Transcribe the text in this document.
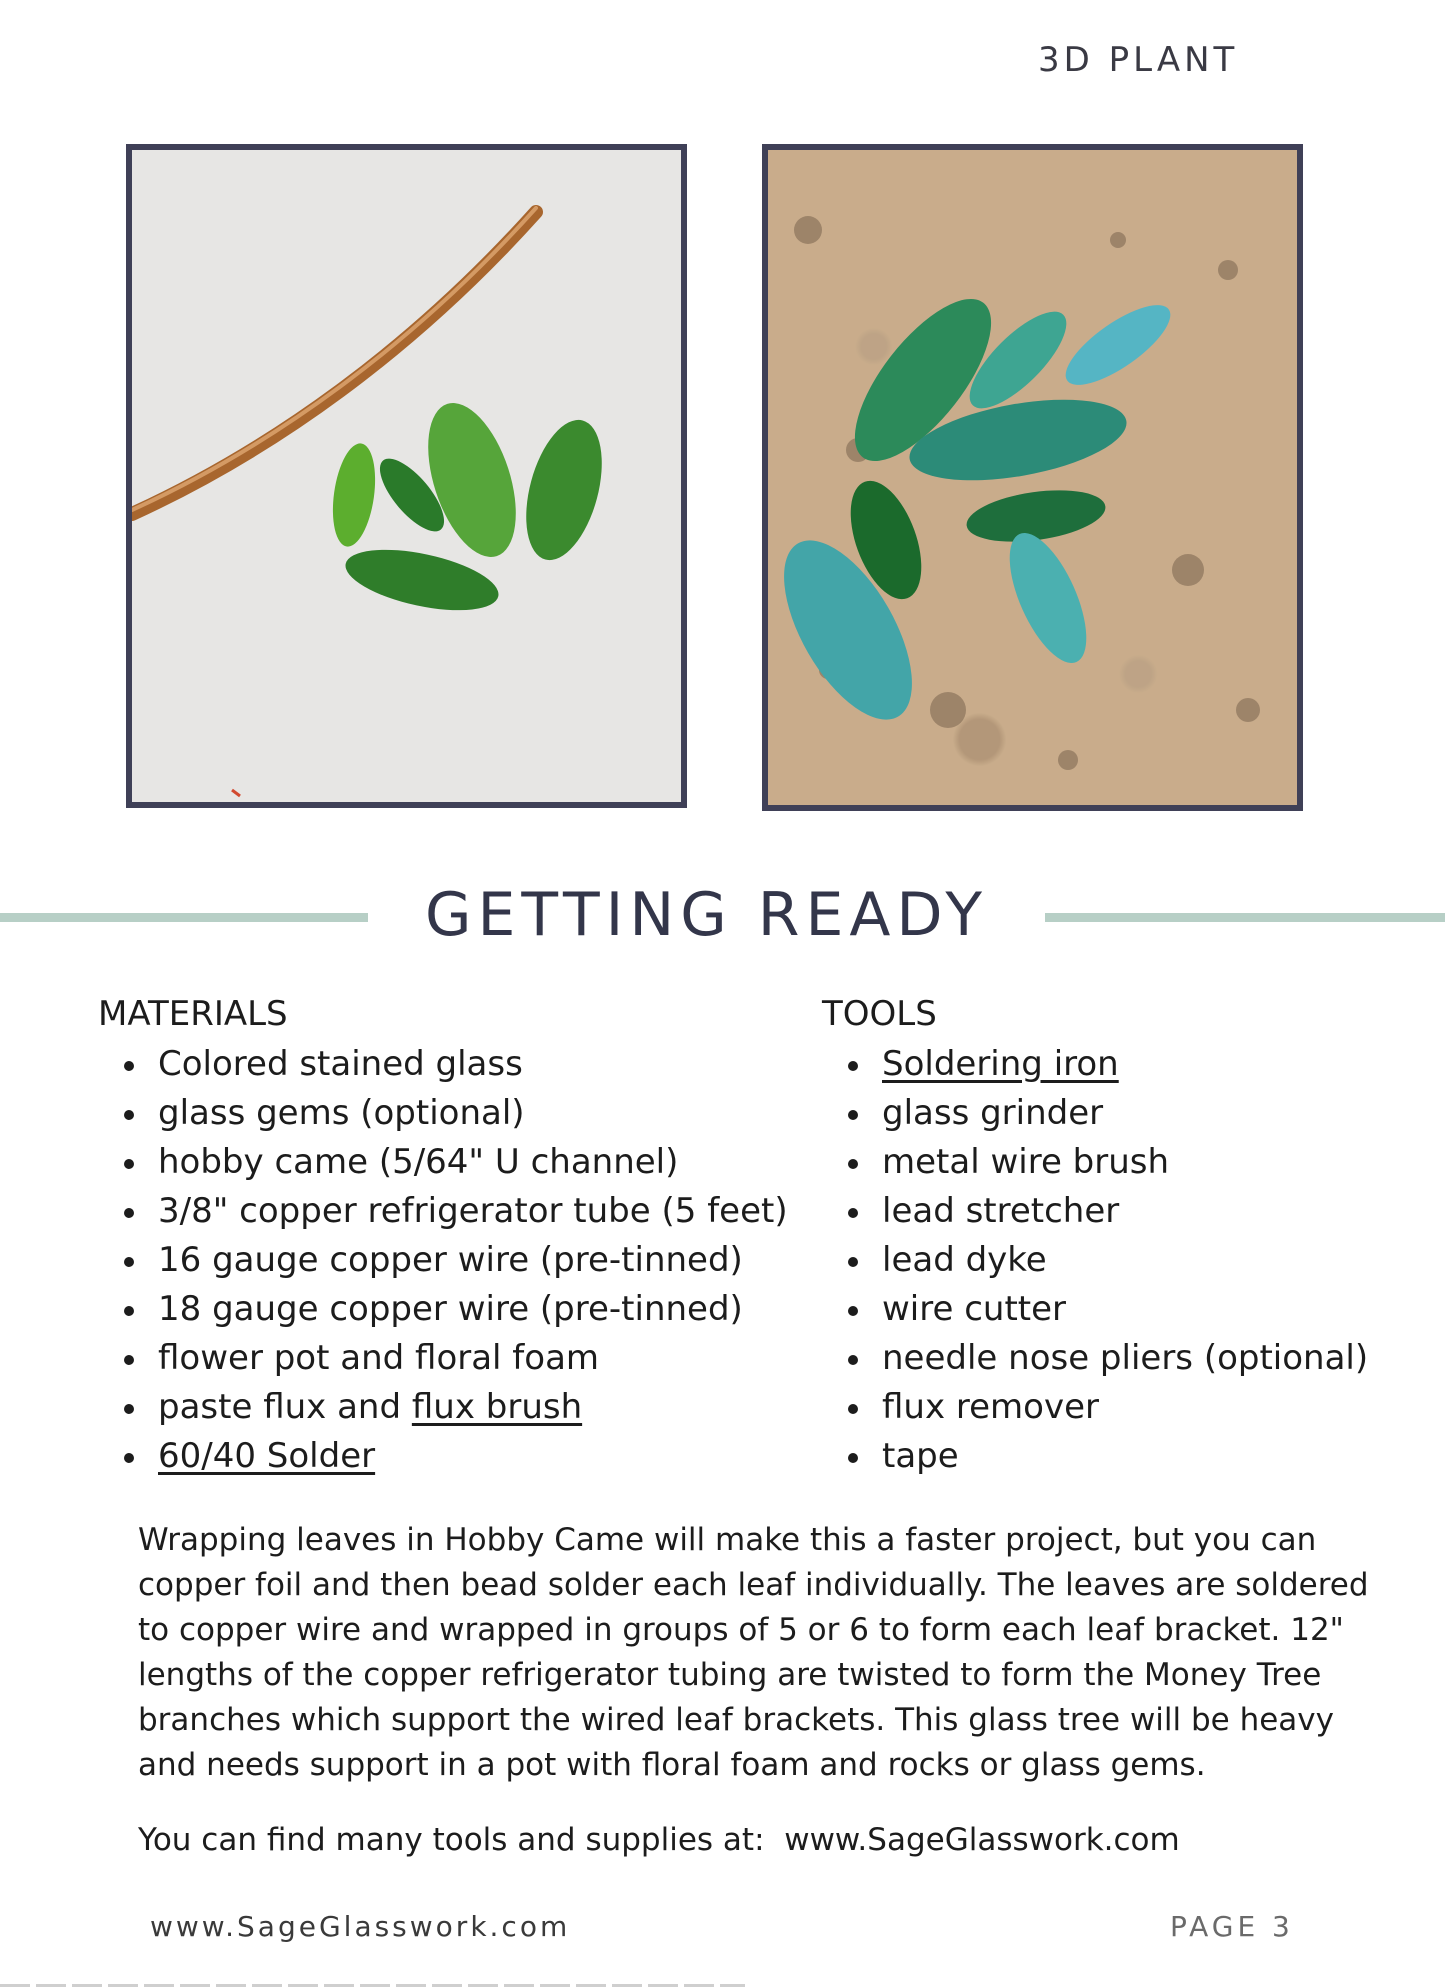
3D PLANT
GETTING READY
MATERIALS
Colored stained glass
glass gems (optional)
hobby came (5/64" U channel)
3/8" copper refrigerator tube (5 feet)
16 gauge copper wire (pre-tinned)
18 gauge copper wire (pre-tinned)
flower pot and floral foam
paste flux and flux brush
60/40 Solder
TOOLS
Soldering iron
glass grinder
metal wire brush
lead stretcher
lead dyke
wire cutter
needle nose pliers (optional)
flux remover
tape

Wrapping leaves in Hobby Came will make this a faster project, but you can copper foil and then bead solder each leaf individually. The leaves are soldered to copper wire and wrapped in groups of 5 or 6 to form each leaf bracket. 12" lengths of the copper refrigerator tubing are twisted to form the Money Tree branches which support the wired leaf brackets. This glass tree will be heavy and needs support in a pot with floral foam and rocks or glass gems.

You can find many tools and supplies at:  www.SageGlasswork.com

www.SageGlasswork.com	PAGE 3
